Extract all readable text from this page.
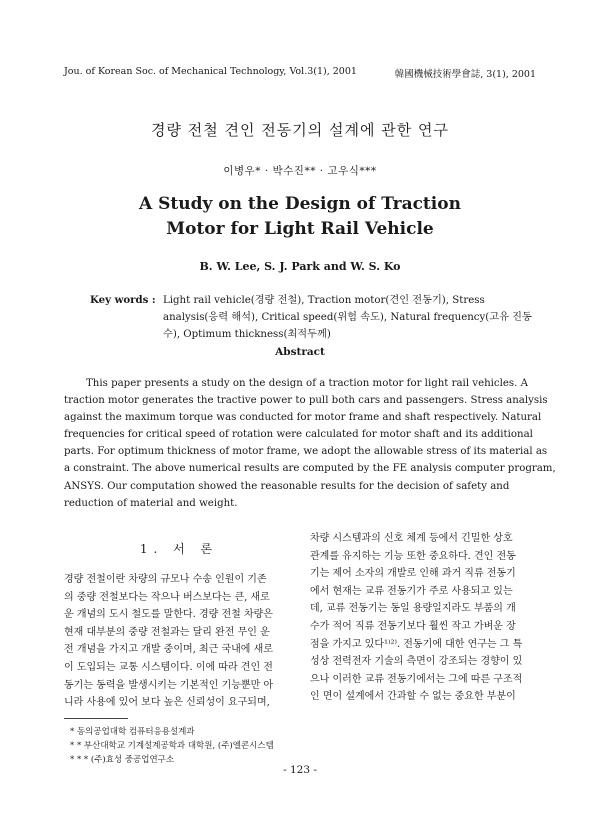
Jou. of Korean Soc. of Mechanical Technology, Vol.3(1), 2001	韓國機械技術學會誌, 3(1), 2001
경량 전철 견인 전동기의 설계에 관한 연구
이병우* · 박수진** · 고우식***
A Study on the Design of Traction
Motor for Light Rail Vehicle
B. W. Lee, S. J. Park and W. S. Ko
Key words : Light rail vehicle(경량 전철), Traction motor(견인 전동기), Stress
analysis(응력 해석), Critical speed(위험 속도), Natural frequency(고유 진동
수), Optimum thickness(최적두께)
Abstract
This paper presents a study on the design of a traction motor for light rail vehicles. A
traction motor generates the tractive power to pull both cars and passengers. Stress analysis
against the maximum torque was conducted for motor frame and shaft respectively. Natural
frequencies for critical speed of rotation were calculated for motor shaft and its additional
parts. For optimum thickness of motor frame, we adopt the allowable stress of its material as
a constraint. The above numerical results are computed by the FE analysis computer program,
ANSYS. Our computation showed the reasonable results for the decision of safety and
reduction of material and weight.
1. 서 론
경량 전철이란 차량의 규모나 수송 인원이 기존
의 중량 전철보다는 작으나 버스보다는 큰, 새로
운 개념의 도시 철도를 말한다. 경량 전철 차량은
현재 대부분의 중량 전철과는 달리 완전 무인 운
전 개념을 가지고 개발 중이며, 최근 국내에 새로
이 도입되는 교통 시스템이다. 이에 따라 견인 전
동기는 동력을 발생시키는 기본적인 기능뿐만 아
니라 사용에 있어 보다 높은 신뢰성이 요구되며,
차량 시스템과의 신호 체계 등에서 긴밀한 상호
관계를 유지하는 기능 또한 중요하다. 견인 전동
기는 제어 소자의 개발로 인해 과거 직류 전동기
에서 현재는 교류 전동기가 주로 사용되고 있는
데, 교류 전동기는 동일 용량일지라도 부품의 개
수가 적어 직류 전동기보다 훨씬 작고 가벼운 장
점을 가지고 있다¹⁾²⁾. 전동기에 대한 연구는 그 특
성상 전력전자 기술의 측면이 강조되는 경향이 있
으나 이러한 교류 전동기에서는 그에 따른 구조적
인 면이 설계에서 간과할 수 없는 중요한 부분이
* 동의공업대학 컴퓨터응용설계과
* * 부산대학교 기계설계공학과 대학원, (주)엘콘시스템
* * * (주)효성 중공업연구소
- 123 -
